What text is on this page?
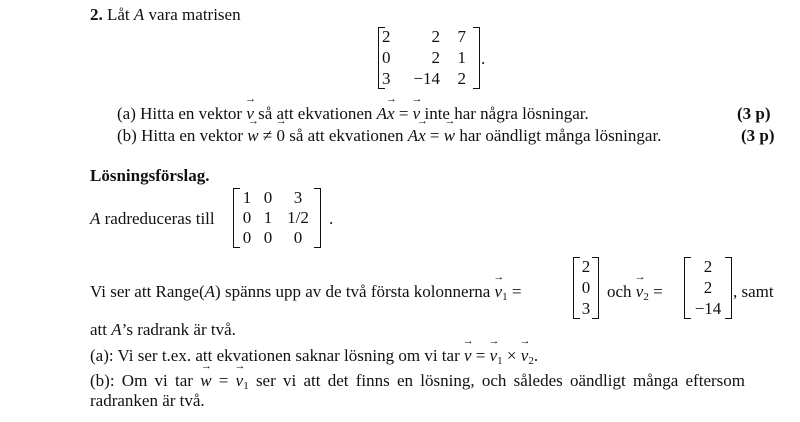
2. Låt A vara matrisen
2	2	7
0	2	1
3	−14	2
.
(a) Hitta en vektor → v så att ekvationen A→ x = → v inte har några lösningar.	(3 p)
(b) Hitta en vektor → w ≠ → 0 så att ekvationen A→ x = → w har oändligt många lösningar.	(3 p)
Lösningsförslag.
A radreduceras till
1 0	3
0 1 1/2
0 0	0
.
Vi ser att Range(A) spänns upp av de två första kolonnerna → $v_1$ =
2
0
3
och → $v_2$ =
2
2
−14
, samt
att A’s radrank är två.
(a): Vi ser t.ex. att ekvationen saknar lösning om vi tar → v = → $v_1$ × → $v_2$.
(b): Om vi tar → w = → $v_1$ ser vi att det finns en lösning, och således oändligt många eftersom
radranken är två.
